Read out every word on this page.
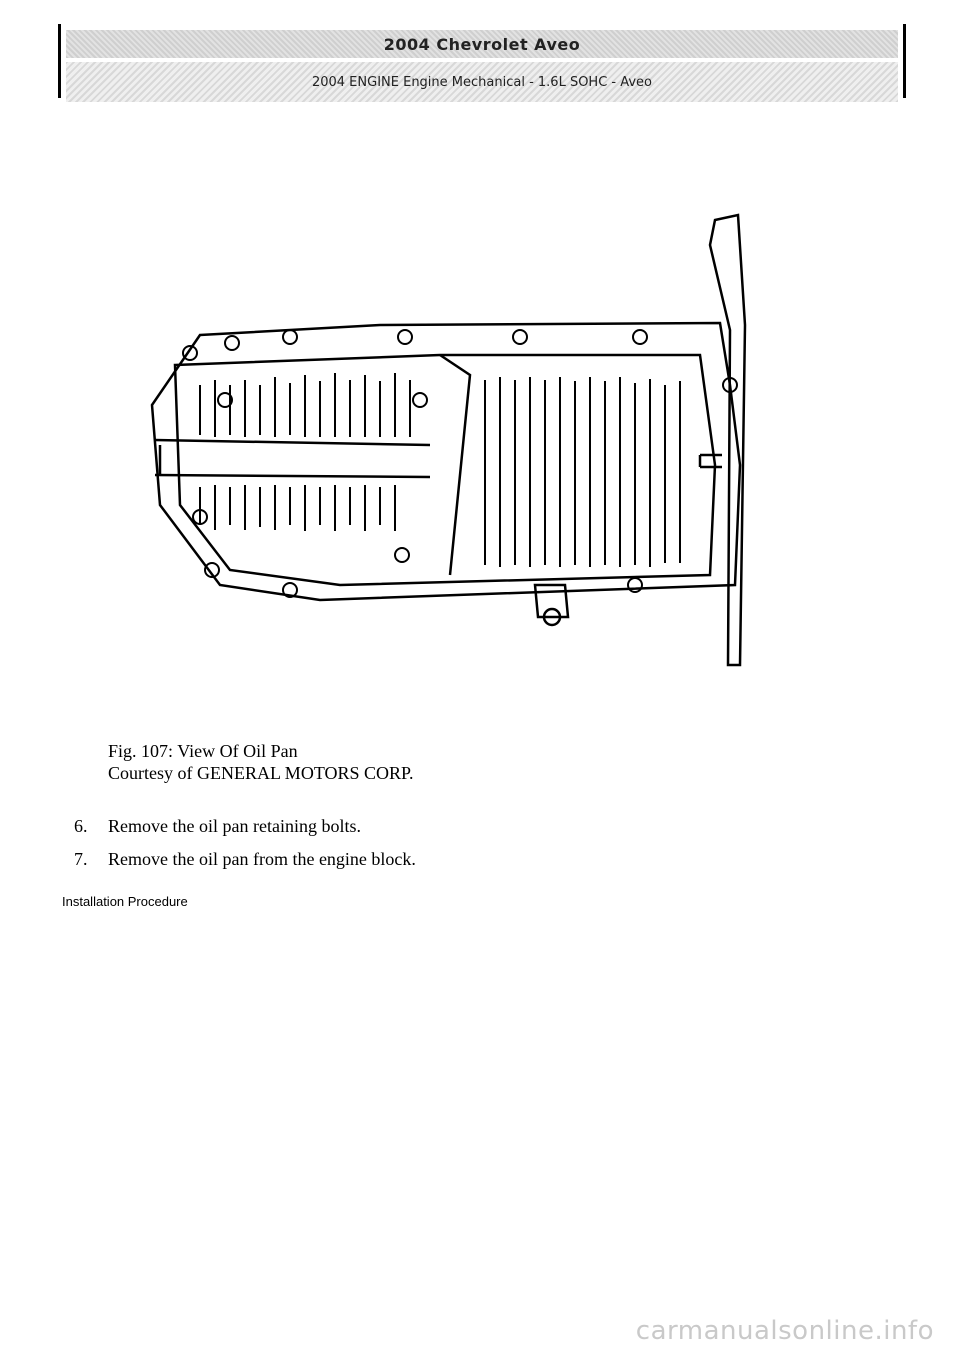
2004 Chevrolet Aveo
2004 ENGINE Engine Mechanical - 1.6L SOHC - Aveo
Fig. 107: View Of Oil Pan
Courtesy of GENERAL MOTORS CORP.
6.	Remove the oil pan retaining bolts.
7.	Remove the oil pan from the engine block.
Installation Procedure
carmanualsonline.info
